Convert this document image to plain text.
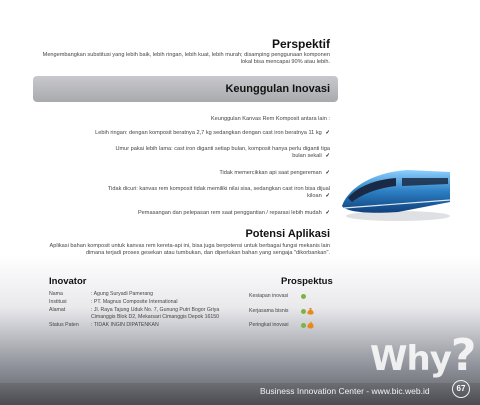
Perspektif
Mengembangkan substitusi yang lebih baik, lebih ringan, lebih kuat, lebih murah; disamping penggunaan komponen lokal bisa mencapai 90% atau lebih.
Keunggulan Inovasi
Keunggulan Kanvas Rem Komposit antara lain :
Lebih ringan: dengan komposit beratnya 2,7 kg sedangkan dengan cast iron beratnya 11 kg ✓
Umur pakai lebih lama: cast iron diganti setiap bulan, komposit hanya perlu diganti tiga bulan sekali ✓
Tidak memercikkan api saat pengereman ✓
Tidak dicuri: kanvas rem komposit tidak memiliki nilai sisa, sedangkan cast iron bisa dijual kiloan ✓
Pemasangan dan pelepasan rem saat penggantian / reparasi lebih mudah ✓
Potensi Aplikasi
Aplikasi bahan komposit untuk kanvas rem kereta-api ini, bisa juga berpotensi untuk berbagai fungsi mekanis lain dimana terjadi proses gesekan atau tumbukan, dan diperlukan bahan yang sengaja "dikorbankan".
Inovator
Nama	: Agung Suryadi Pamerang
Institusi	: PT. Magnus Composite International
Alamat	: Jl. Raya Tajung Uduk No. 7, Gunung Putri Bogor Griya Cimanggis Blok D2, Mekarsari Cimanggis Depok 16150
Status Paten	: TIDAK INGIN DIPATENKAN
Prospektus
Kesiapan inovasi
Kerjasama bisnis
Peringkat inovasi
Why?
Business Innovation Center - www.bic.web.id	67
